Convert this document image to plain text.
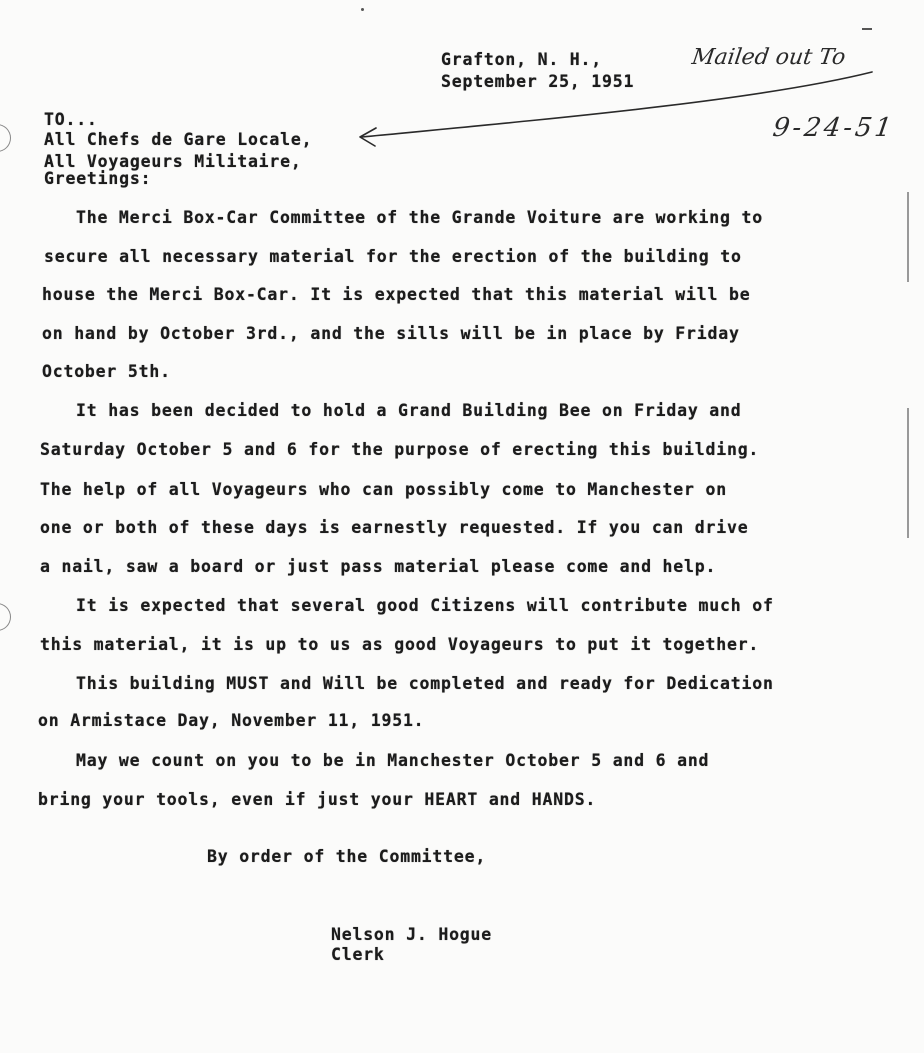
Grafton, N. H.,
September 25, 1951
Mailed out To
9-24-51
TO...
All Chefs de Gare Locale,
All Voyageurs Militaire,
Greetings:
The Merci Box-Car Committee of the Grande Voiture are working to
secure all necessary material for the erection of the building to
house the Merci Box-Car. It is expected that this material will be
on hand by October 3rd., and the sills will be in place by Friday
October 5th.
It has been decided to hold a Grand Building Bee on Friday and
Saturday October 5 and 6 for the purpose of erecting this building.
The help of all Voyageurs who can possibly come to Manchester on
one or both of these days is earnestly requested. If you can drive
a nail, saw a board or just pass material please come and help.
It is expected that several good Citizens will contribute much of
this material, it is up to us as good Voyageurs to put it together.
This building MUST and Will be completed and ready for Dedication
on Armistace Day, November 11, 1951.
May we count on you to be in Manchester October 5 and 6 and
bring your tools, even if just your HEART and HANDS.
By order of the Committee,
Nelson J. Hogue
Clerk
